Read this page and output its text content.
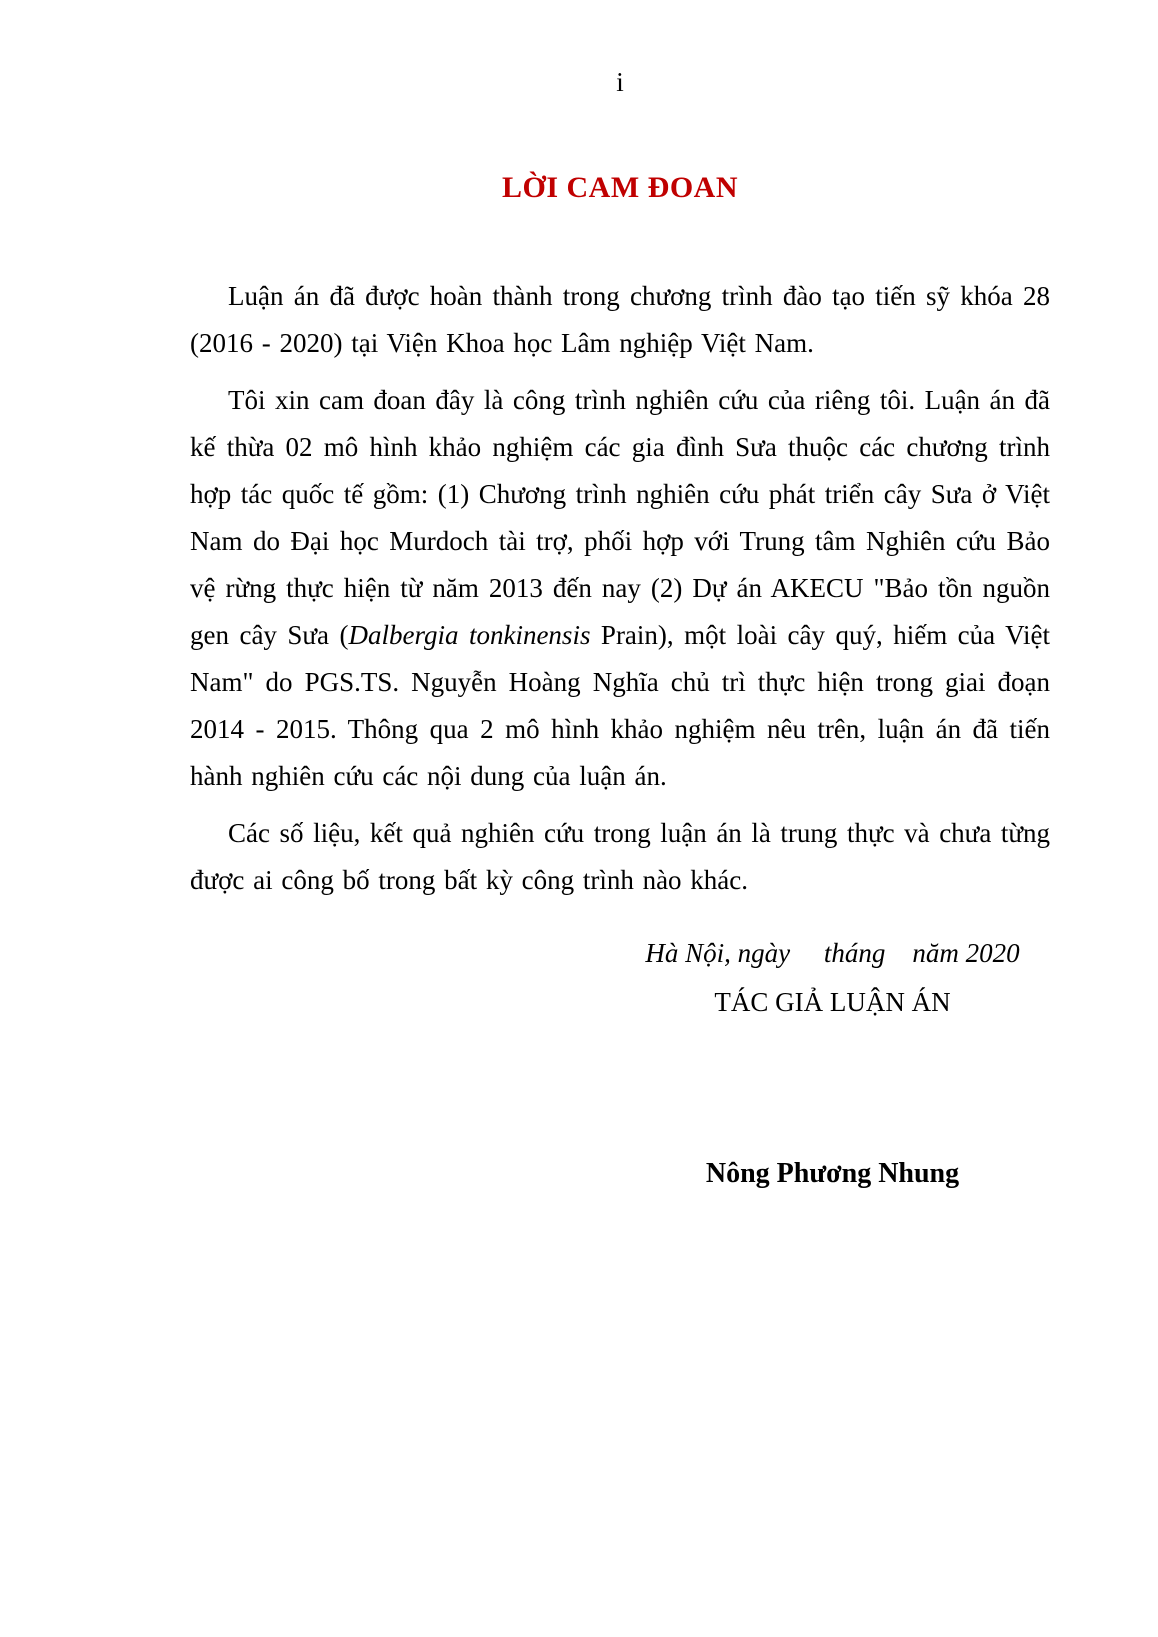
i
LỜI CAM ĐOAN

Luận án đã được hoàn thành trong chương trình đào tạo tiến sỹ khóa 28 (2016 - 2020) tại Viện Khoa học Lâm nghiệp Việt Nam.

Tôi xin cam đoan đây là công trình nghiên cứu của riêng tôi. Luận án đã kế thừa 02 mô hình khảo nghiệm các gia đình Sưa thuộc các chương trình hợp tác quốc tế gồm: (1) Chương trình nghiên cứu phát triển cây Sưa ở Việt Nam do Đại học Murdoch tài trợ, phối hợp với Trung tâm Nghiên cứu Bảo vệ rừng thực hiện từ năm 2013 đến nay (2) Dự án AKECU "Bảo tồn nguồn gen cây Sưa (Dalbergia tonkinensis Prain), một loài cây quý, hiếm của Việt Nam" do PGS.TS. Nguyễn Hoàng Nghĩa chủ trì thực hiện trong giai đoạn 2014 - 2015. Thông qua 2 mô hình khảo nghiệm nêu trên, luận án đã tiến hành nghiên cứu các nội dung của luận án.

Các số liệu, kết quả nghiên cứu trong luận án là trung thực và chưa từng được ai công bố trong bất kỳ công trình nào khác.

Hà Nội, ngày     tháng    năm 2020
TÁC GIẢ LUẬN ÁN
Nông Phương Nhung
